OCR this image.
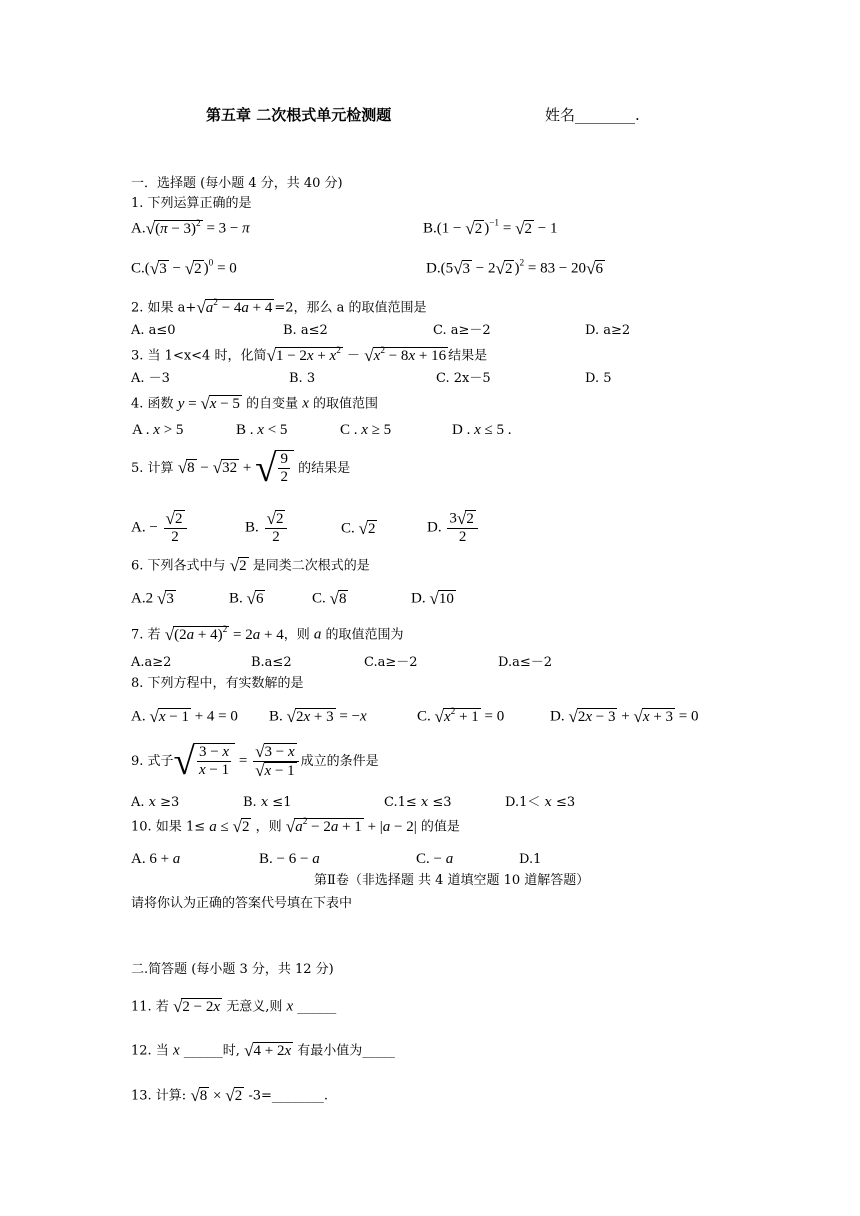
第五章 二次根式单元检测题	姓名________.
一．选择题 (每小题 4 分，共 40 分)
1. 下列运算正确的是
A. √ $(\pi - 3)^2 = 3 - \pi$	B.(1 − √ 2 )$^{-1}$ = √ 2 − 1
C.( √ 3 − √ 2 )$^0$ = 0	D.(5 √ 3 − 2 √ 2 )$^2$ = 83 − 20 √ 6
2. 如果 a+ √ $a^2 - 4a + 4 =2$，那么 a 的取值范围是
A. a≤0	B. a≤2	C. a≥－2	D. a≥2
3. 当 1<x<4 时，化简 √ $1 - 2x + x^2$ － √ $x^2 - 8x + 16$ 结果是
A. －3	B. 3	C. 2x－5	D. 5
4. 函数 y = √ x − 5 的自变量 x 的取值范围
A . x > 5	B . x < 5	C . x ≥ 5	D . x ≤ 5 .
5. 计算 √ 8 − √ 32 + √ $\frac{9}{2}$ 的结果是
A. − $\frac{√ 2}{2}$	B. $\frac{√ 2}{2}$	C. √ 2	D. $\frac{3 √ 2}{2}$
6. 下列各式中与 √ 2 是同类二次根式的是
A.2 √ 3	B. √ 6	C. √ 8	D. √ 10
7. 若 √ $(2a + 4)^2 = 2a + 4$，则 a 的取值范围为
A.a≥2	B.a≤2	C.a≥－2	D.a≤－2
8. 下列方程中，有实数解的是
A. √ x − 1 + 4 = 0 B. √ 2x + 3 = −x	C. √ $x^2 + 1 = 0$	D. √ 2x − 3 + √ x + 3 = 0
9. 式子 √ $\frac{3 - x}{x - 1} = \frac{√ 3 - x}{√ x - 1}$ 成立的条件是
A. x ≥3	B. x ≤1	C.1≤ x ≤3	D.1＜ x ≤3
10. 如果 1≤ a ≤ √ 2 ，则 √ $a^2 - 2a + 1 + |a - 2|$ 的值是
A. 6 + a	B. − 6 − a	C. − a	D.1
第Ⅱ卷（非选择题 共 4 道填空题 10 道解答题）
请将你认为正确的答案代号填在下表中
二.简答题 (每小题 3 分，共 12 分)
11. 若 √ 2 − 2x 无意义,则 x ______
12. 当 x ______时, √ 4 + 2x 有最小值为_____
13. 计算: √ 8 × √ 2 -3=________.
